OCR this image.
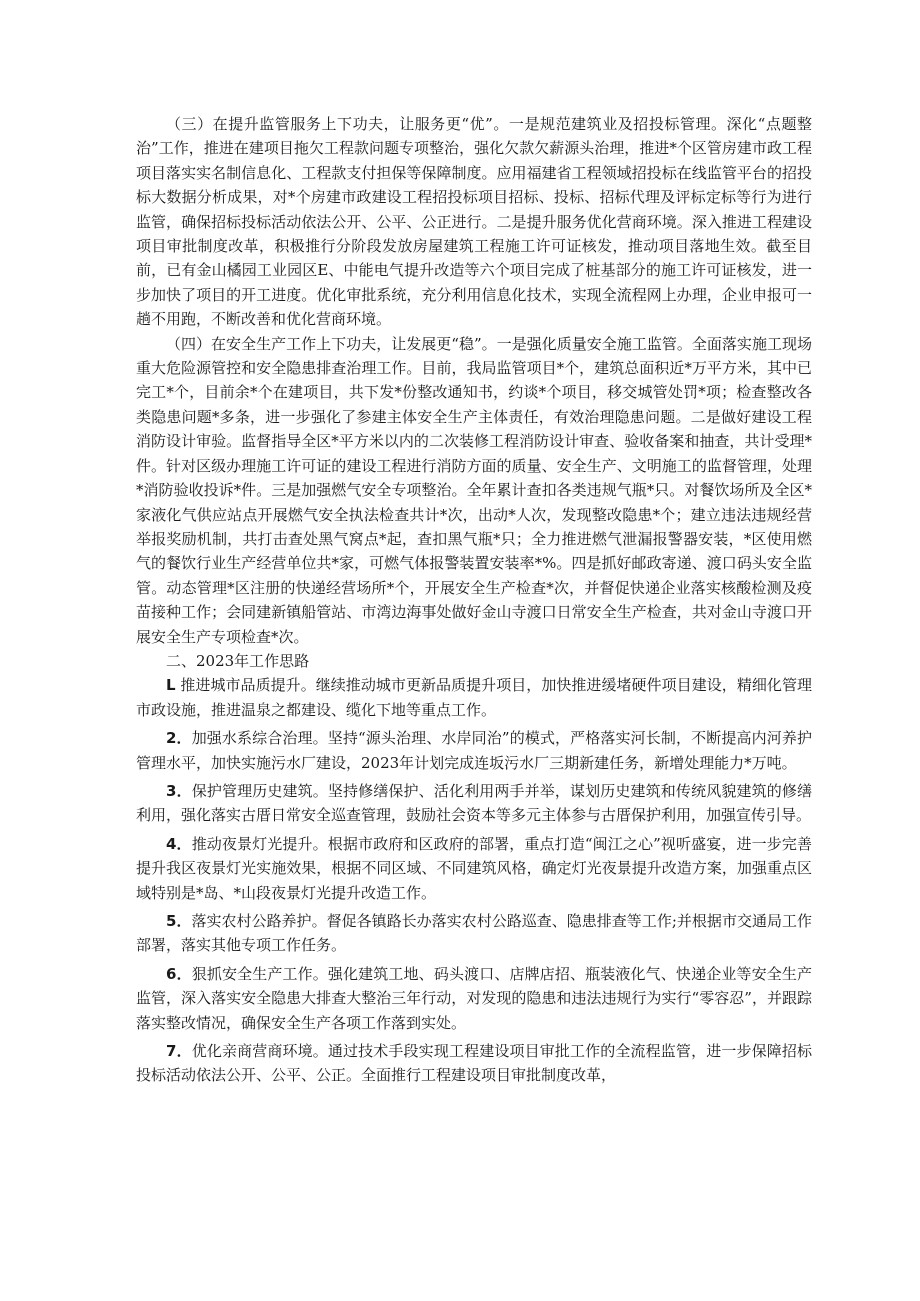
（三）在提升监管服务上下功夫，让服务更“优”。一是规范建筑业及招投标管理。深化“点题整治”工作，推进在建项目拖欠工程款问题专项整治，强化欠款欠薪源头治理，推进*个区管房建市政工程项目落实实名制信息化、工程款支付担保等保障制度。应用福建省工程领域招投标在线监管平台的招投标大数据分析成果，对*个房建市政建设工程招投标项目招标、投标、招标代理及评标定标等行为进行监管，确保招标投标活动依法公开、公平、公正进行。二是提升服务优化营商环境。深入推进工程建设项目审批制度改革，积极推行分阶段发放房屋建筑工程施工许可证核发，推动项目落地生效。截至目前，已有金山橘园工业园区E、中能电气提升改造等六个项目完成了桩基部分的施工许可证核发，进一步加快了项目的开工进度。优化审批系统，充分利用信息化技术，实现全流程网上办理，企业申报可一趟不用跑，不断改善和优化营商环境。

（四）在安全生产工作上下功夫，让发展更“稳”。一是强化质量安全施工监管。全面落实施工现场重大危险源管控和安全隐患排查治理工作。目前，我局监管项目*个，建筑总面积近*万平方米，其中已完工*个，目前余*个在建项目，共下发*份整改通知书，约谈*个项目，移交城管处罚*项；检查整改各类隐患问题*多条，进一步强化了参建主体安全生产主体责任，有效治理隐患问题。二是做好建设工程消防设计审验。监督指导全区*平方米以内的二次装修工程消防设计审查、验收备案和抽查，共计受理*件。针对区级办理施工许可证的建设工程进行消防方面的质量、安全生产、文明施工的监督管理，处理*消防验收投诉*件。三是加强燃气安全专项整治。全年累计查扣各类违规气瓶*只。对餐饮场所及全区*家液化气供应站点开展燃气安全执法检查共计*次，出动*人次，发现整改隐患*个；建立违法违规经营举报奖励机制，共打击查处黑气窝点*起，查扣黑气瓶*只；全力推进燃气泄漏报警器安装，*区使用燃气的餐饮行业生产经营单位共*家，可燃气体报警装置安装率*%。四是抓好邮政寄递、渡口码头安全监管。动态管理*区注册的快递经营场所*个，开展安全生产检查*次，并督促快递企业落实核酸检测及疫苗接种工作；会同建新镇船管站、市湾边海事处做好金山寺渡口日常安全生产检查，共对金山寺渡口开展安全生产专项检查*次。

二、2023年工作思路

L 推进城市品质提升。继续推动城市更新品质提升项目，加快推进缓堵硬件项目建设，精细化管理市政设施，推进温泉之都建设、缆化下地等重点工作。

2．加强水系综合治理。坚持“源头治理、水岸同治”的模式，严格落实河长制，不断提高内河养护管理水平，加快实施污水厂建设，2023年计划完成连坂污水厂三期新建任务，新增处理能力*万吨。

3．保护管理历史建筑。坚持修缮保护、活化利用两手并举，谋划历史建筑和传统风貌建筑的修缮利用，强化落实古厝日常安全巡查管理，鼓励社会资本等多元主体参与古厝保护利用，加强宣传引导。

4．推动夜景灯光提升。根据市政府和区政府的部署，重点打造“闽江之心”视听盛宴，进一步完善提升我区夜景灯光实施效果，根据不同区域、不同建筑风格，确定灯光夜景提升改造方案，加强重点区域特别是*岛、*山段夜景灯光提升改造工作。

5．落实农村公路养护。督促各镇路长办落实农村公路巡查、隐患排查等工作;并根据市交通局工作部署，落实其他专项工作任务。

6．狠抓安全生产工作。强化建筑工地、码头渡口、店牌店招、瓶装液化气、快递企业等安全生产监管，深入落实安全隐患大排查大整治三年行动，对发现的隐患和违法违规行为实行“零容忍”，并跟踪落实整改情况，确保安全生产各项工作落到实处。

7．优化亲商营商环境。通过技术手段实现工程建设项目审批工作的全流程监管，进一步保障招标投标活动依法公开、公平、公正。全面推行工程建设项目审批制度改革，
